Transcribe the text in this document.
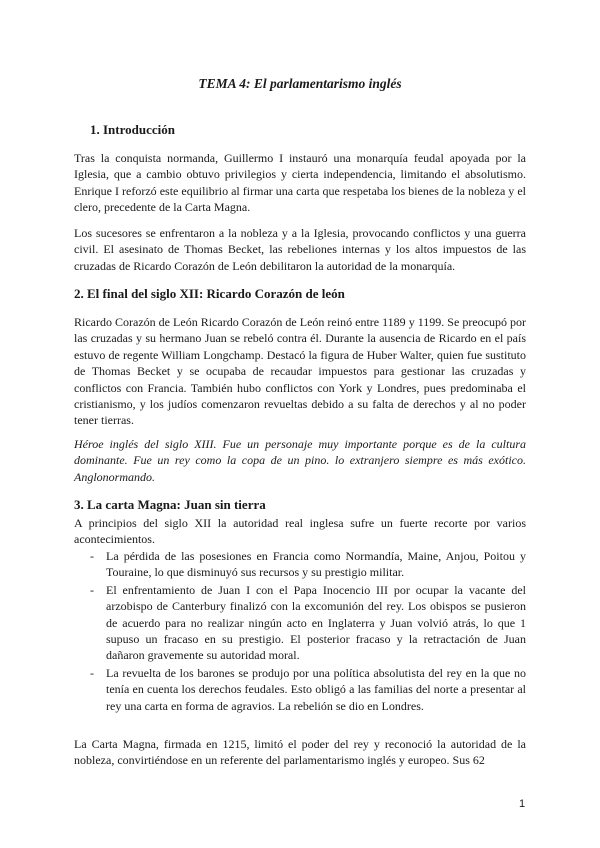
TEMA 4: El parlamentarismo inglés
1. Introducción

Tras la conquista normanda, Guillermo I instauró una monarquía feudal apoyada por la Iglesia, que a cambio obtuvo privilegios y cierta independencia, limitando el absolutismo. Enrique I reforzó este equilibrio al firmar una carta que respetaba los bienes de la nobleza y el clero, precedente de la Carta Magna.

Los sucesores se enfrentaron a la nobleza y a la Iglesia, provocando conflictos y una guerra civil. El asesinato de Thomas Becket, las rebeliones internas y los altos impuestos de las cruzadas de Ricardo Corazón de León debilitaron la autoridad de la monarquía.

2. El final del siglo XII: Ricardo Corazón de león

Ricardo Corazón de León Ricardo Corazón de León reinó entre 1189 y 1199. Se preocupó por las cruzadas y su hermano Juan se rebeló contra él. Durante la ausencia de Ricardo en el país estuvo de regente William Longchamp. Destacó la figura de Huber Walter, quien fue sustituto de Thomas Becket y se ocupaba de recaudar impuestos para gestionar las cruzadas y conflictos con Francia. También hubo conflictos con York y Londres, pues predominaba el cristianismo, y los judíos comenzaron revueltas debido a su falta de derechos y al no poder tener tierras.

Héroe inglés del siglo XIII. Fue un personaje muy importante porque es de la cultura dominante. Fue un rey como la copa de un pino. lo extranjero siempre es más exótico. Anglonormando.

3. La carta Magna: Juan sin tierra

A principios del siglo XII la autoridad real inglesa sufre un fuerte recorte por varios acontecimientos.

- La pérdida de las posesiones en Francia como Normandía, Maine, Anjou, Poitou y Touraine, lo que disminuyó sus recursos y su prestigio militar.
- El enfrentamiento de Juan I con el Papa Inocencio III por ocupar la vacante del arzobispo de Canterbury finalizó con la excomunión del rey. Los obispos se pusieron de acuerdo para no realizar ningún acto en Inglaterra y Juan volvió atrás, lo que 1 supuso un fracaso en su prestigio. El posterior fracaso y la retractación de Juan dañaron gravemente su autoridad moral.
- La revuelta de los barones se produjo por una política absolutista del rey en la que no tenía en cuenta los derechos feudales. Esto obligó a las familias del norte a presentar al rey una carta en forma de agravios. La rebelión se dio en Londres.

La Carta Magna, firmada en 1215, limitó el poder del rey y reconoció la autoridad de la nobleza, convirtiéndose en un referente del parlamentarismo inglés y europeo. Sus 62

1
